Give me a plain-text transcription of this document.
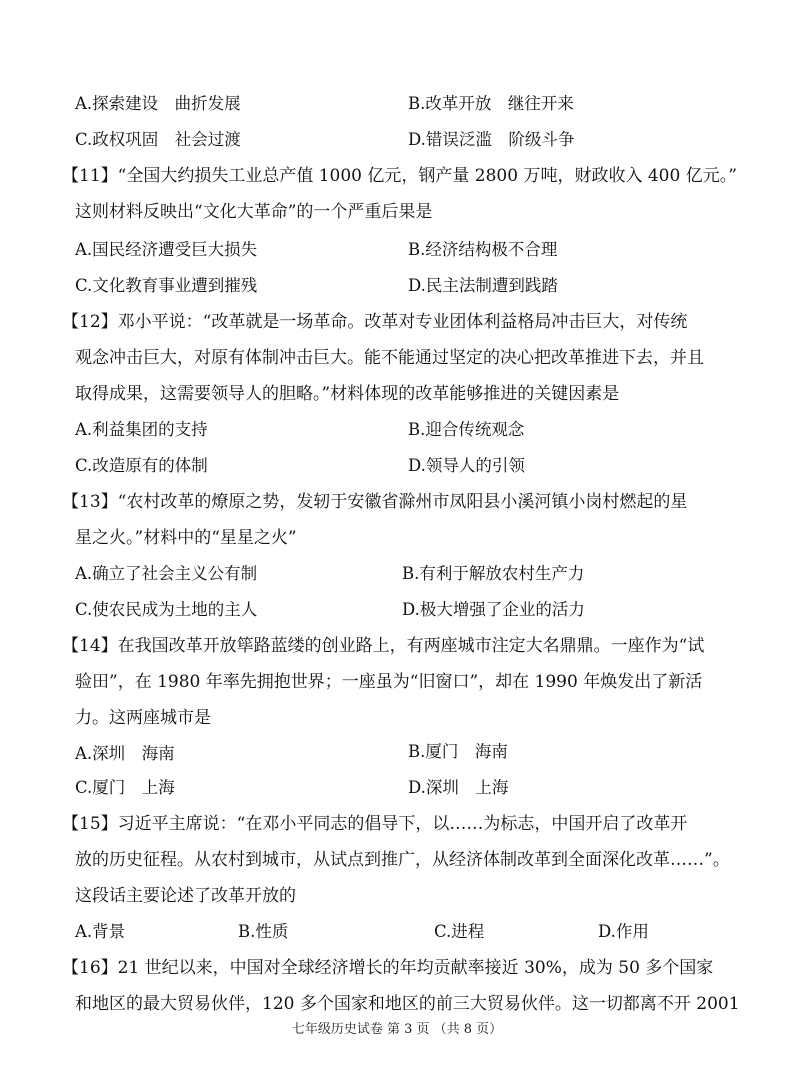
A.探索建设　曲折发展	B.改革开放　继往开来
C.政权巩固　社会过渡	D.错误泛滥　阶级斗争
【11】“全国大约损失工业总产值 1000 亿元，钢产量 2800 万吨，财政收入 400 亿元。”
这则材料反映出“文化大革命”的一个严重后果是
A.国民经济遭受巨大损失	B.经济结构极不合理
C.文化教育事业遭到摧残	D.民主法制遭到践踏
【12】邓小平说：“改革就是一场革命。改革对专业团体利益格局冲击巨大，对传统
观念冲击巨大，对原有体制冲击巨大。能不能通过坚定的决心把改革推进下去，并且
取得成果，这需要领导人的胆略。”材料体现的改革能够推进的关键因素是
A.利益集团的支持	B.迎合传统观念
C.改造原有的体制	D.领导人的引领
【13】“农村改革的燎原之势，发轫于安徽省滁州市凤阳县小溪河镇小岗村燃起的星
星之火。”材料中的“星星之火”
A.确立了社会主义公有制	B.有利于解放农村生产力
C.使农民成为土地的主人	D.极大增强了企业的活力
【14】在我国改革开放筚路蓝缕的创业路上，有两座城市注定大名鼎鼎。一座作为“试
验田”，在 1980 年率先拥抱世界；一座虽为“旧窗口”，却在 1990 年焕发出了新活
力。这两座城市是
A.深圳　海南	B.厦门　海南
C.厦门　上海	D.深圳　上海
【15】习近平主席说：“在邓小平同志的倡导下，以……为标志，中国开启了改革开
放的历史征程。从农村到城市，从试点到推广，从经济体制改革到全面深化改革……”。
这段话主要论述了改革开放的
A.背景	B.性质	C.进程	D.作用
【16】21 世纪以来，中国对全球经济增长的年均贡献率接近 30%，成为 50 多个国家
和地区的最大贸易伙伴，120 多个国家和地区的前三大贸易伙伴。这一切都离不开 2001
七年级历史试卷 第 3 页 （共 8 页）
